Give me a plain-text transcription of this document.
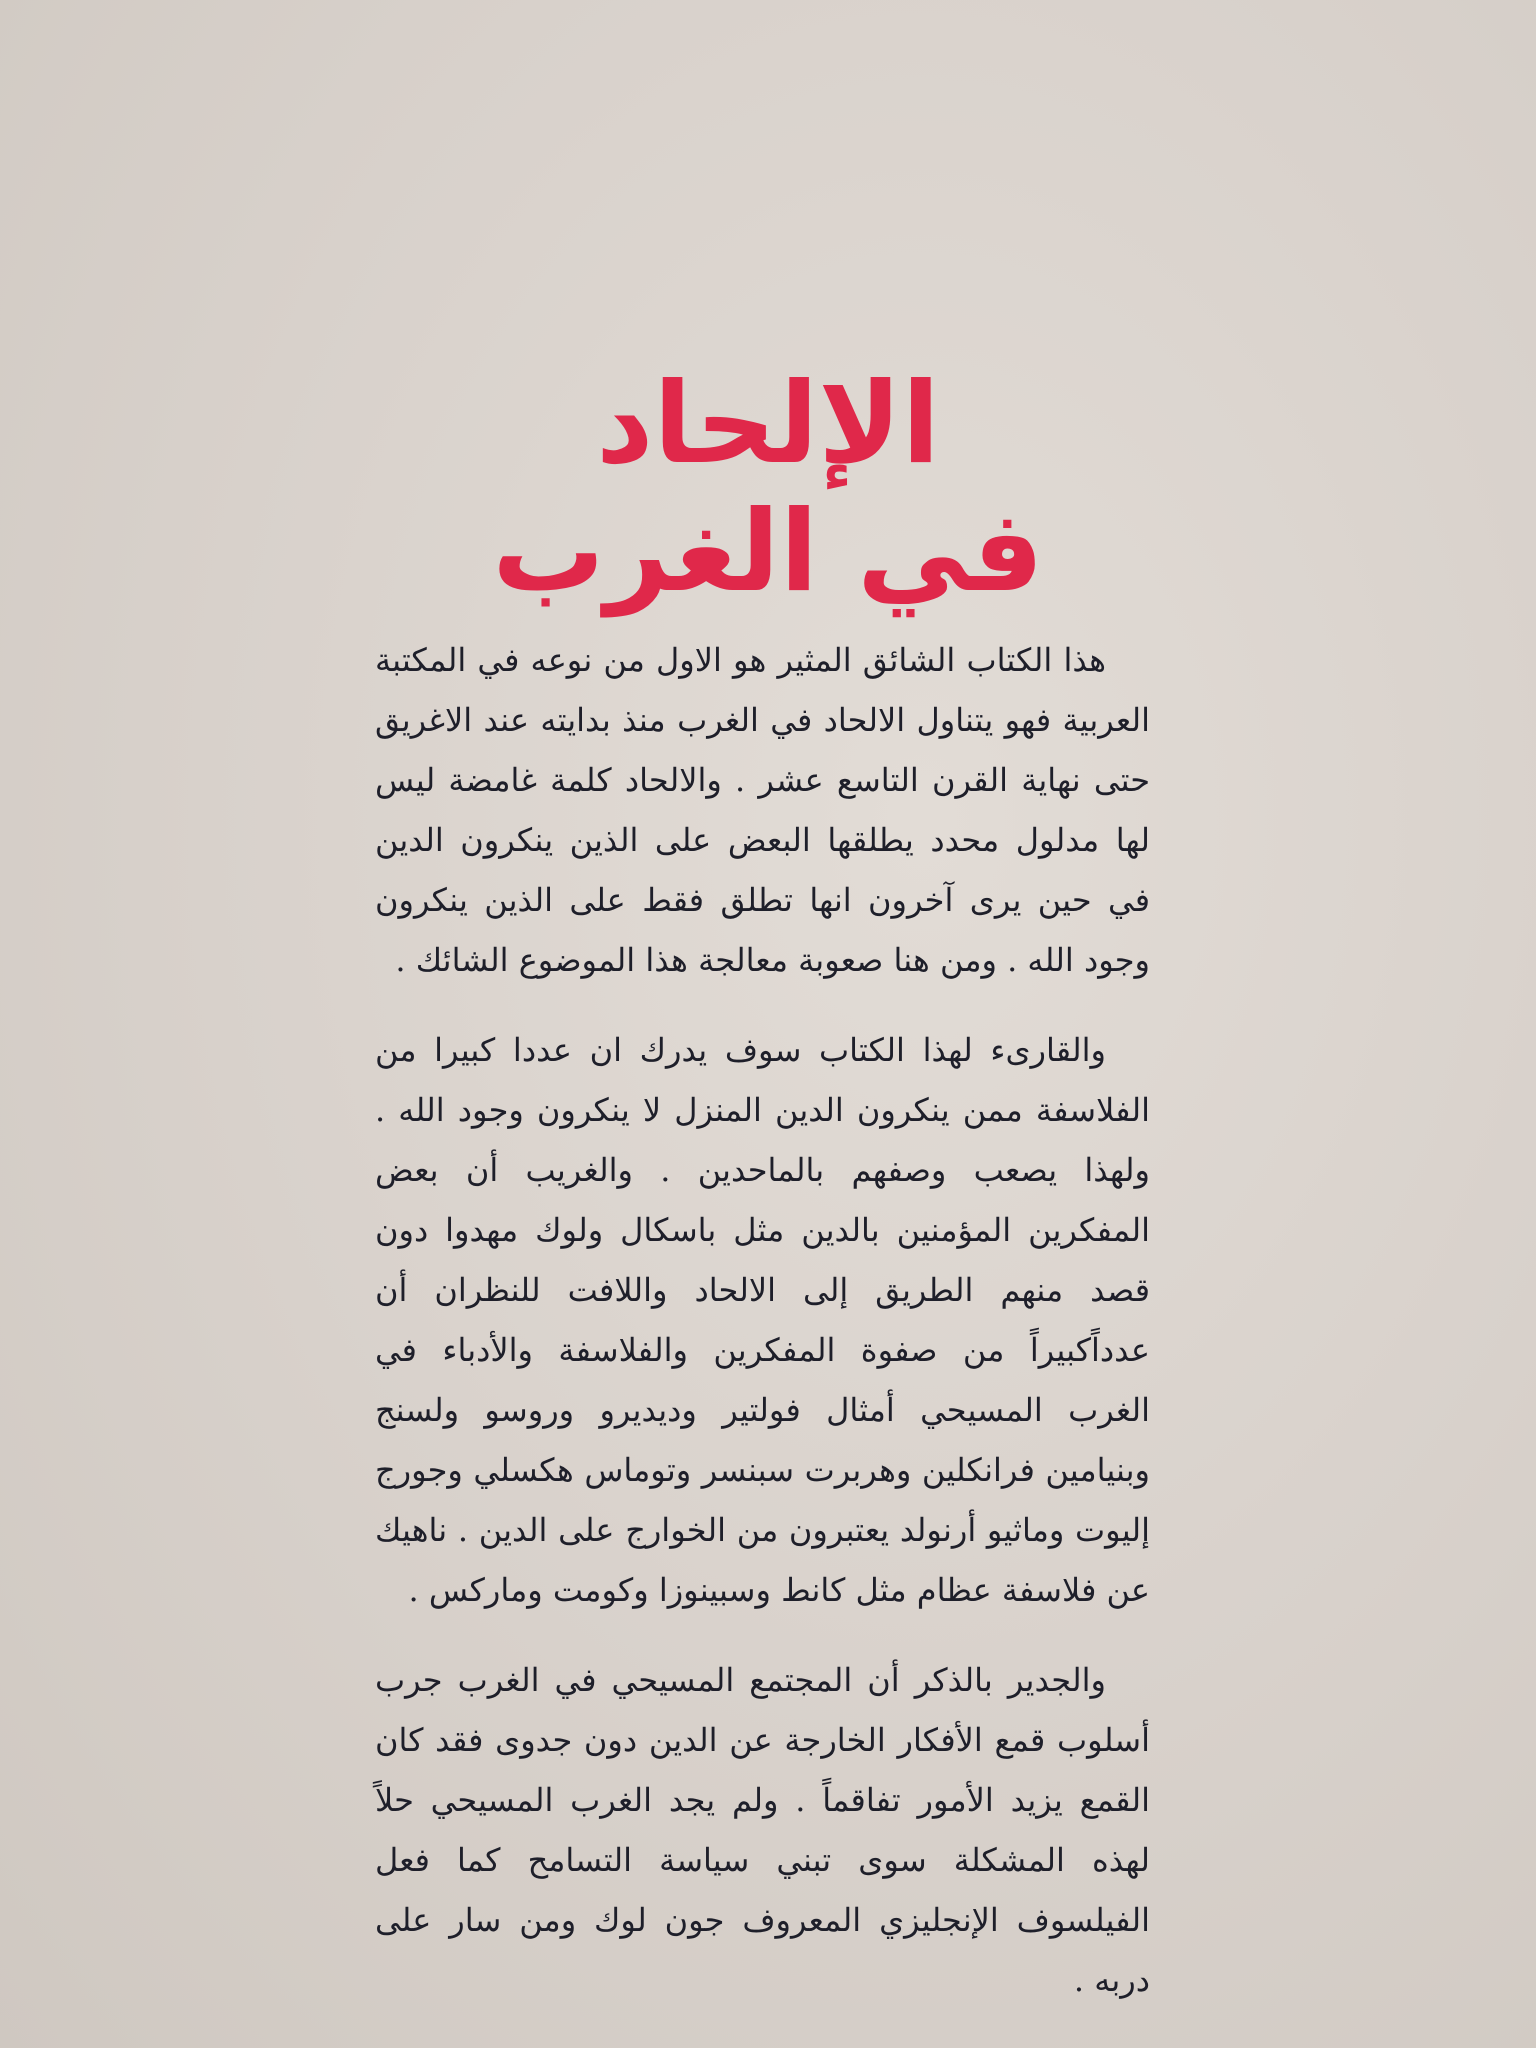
الإلحاد
في الغرب

هذا الكتاب الشائق المثير هو الاول من نوعه في المكتبة العربية فهو يتناول الالحاد في الغرب منذ بدايته عند الاغريق حتى نهاية القرن التاسع عشر . والالحاد كلمة غامضة ليس لها مدلول محدد يطلقها البعض على الذين ينكرون الدين في حين يرى آخرون انها تطلق فقط على الذين ينكرون وجود الله . ومن هنا صعوبة معالجة هذا الموضوع الشائك .

والقارىء لهذا الكتاب سوف يدرك ان عددا كبيرا من الفلاسفة ممن ينكرون الدين المنزل لا ينكرون وجود الله . ولهذا يصعب وصفهم بالماحدين . والغريب أن بعض المفكرين المؤمنين بالدين مثل باسكال ولوك مهدوا دون قصد منهم الطريق إلى الالحاد واللافت للنظران أن عدداًكبيراً من صفوة المفكرين والفلاسفة والأدباء في الغرب المسيحي أمثال فولتير وديديرو وروسو ولسنج وبنيامين فرانكلين وهربرت سبنسر وتوماس هكسلي وجورج إليوت وماثيو أرنولد يعتبرون من الخوارج على الدين . ناهيك عن فلاسفة عظام مثل كانط وسبينوزا وكومت وماركس .

والجدير بالذكر أن المجتمع المسيحي في الغرب جرب أسلوب قمع الأفكار الخارجة عن الدين دون جدوى فقد كان القمع يزيد الأمور تفاقماً . ولم يجد الغرب المسيحي حلاً لهذه المشكلة سوى تبني سياسة التسامح كما فعل الفيلسوف الإنجليزي المعروف جون لوك ومن سار على دربه .
